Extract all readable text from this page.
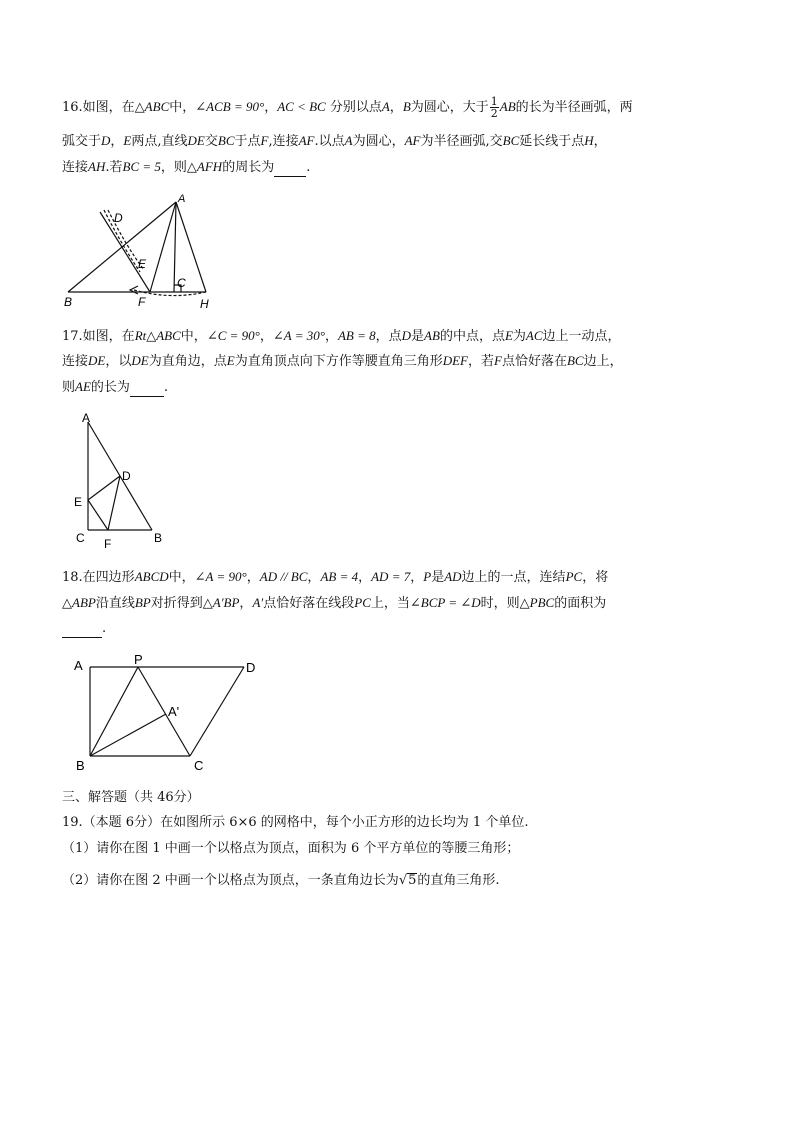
16.如图，在△ABC中，∠ACB = 90°，AC < BC 分别以点A，B为圆心，大于 $\frac{1}{2}$ AB的长为半径画弧，两
弧交于D，E两点,直线DE交BC于点F,连接AF.以点A为圆心，AF为半径画弧,交BC延长线于点H，
连接AH.若BC = 5，则△AFH的周长为 .
A
D
E
C
B	F	H
17.如图，在Rt△ABC中，∠C = 90°，∠A = 30°，AB = 8，点D是AB的中点，点E为AC边上一动点，
连接DE，以DE为直角边，点E为直角顶点向下方作等腰直角三角形DEF，若F点恰好落在BC边上，
则AE的长为	.
A
D
E
C F	B
18.在四边形ABCD中，∠A = 90°，AD // BC，AB = 4，AD = 7，P是AD边上的一点，连结PC，将
△ABP沿直线BP对折得到△A′BP，A′点恰好落在线段PC上，当∠BCP = ∠D时，则△PBC的面积为
.
A	P
D
A'
B	C
三、解答题（共 46分）
19.（本题 6分）在如图所示 6×6 的网格中，每个小正方形的边长均为 1 个单位.
（1）请你在图 1 中画一个以格点为顶点，面积为 6 个平方单位的等腰三角形；
（2）请你在图 2 中画一个以格点为顶点，一条直角边长为√5的直角三角形.
